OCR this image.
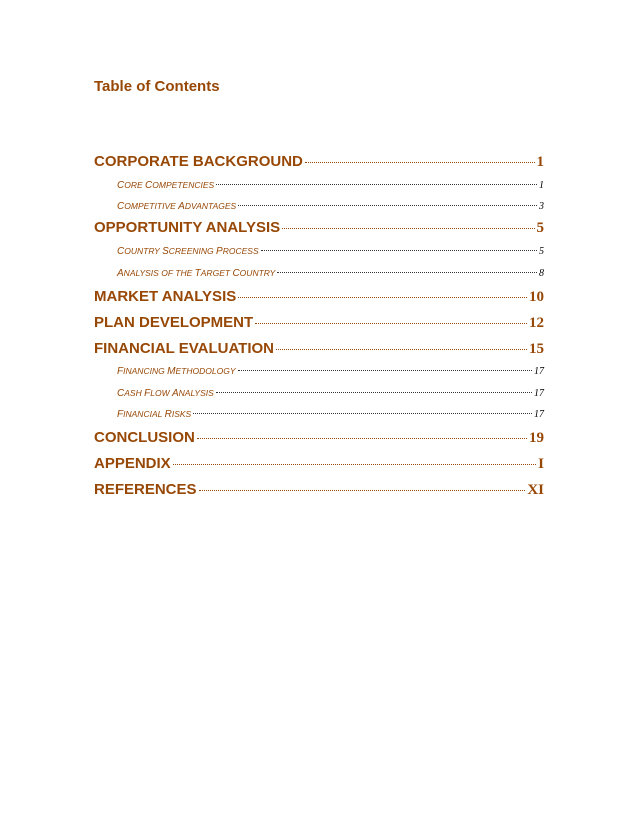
Table of Contents
CORPORATE BACKGROUND	1
CORE COMPETENCIES	1
COMPETITIVE ADVANTAGES	3
OPPORTUNITY ANALYSIS	5
COUNTRY SCREENING PROCESS	5
ANALYSIS OF THE TARGET COUNTRY	8
MARKET ANALYSIS	10
PLAN DEVELOPMENT	12
FINANCIAL EVALUATION	15
FINANCING METHODOLOGY	17
CASH FLOW ANALYSIS	17
FINANCIAL RISKS	17
CONCLUSION	19
APPENDIX	I
REFERENCES	XI
